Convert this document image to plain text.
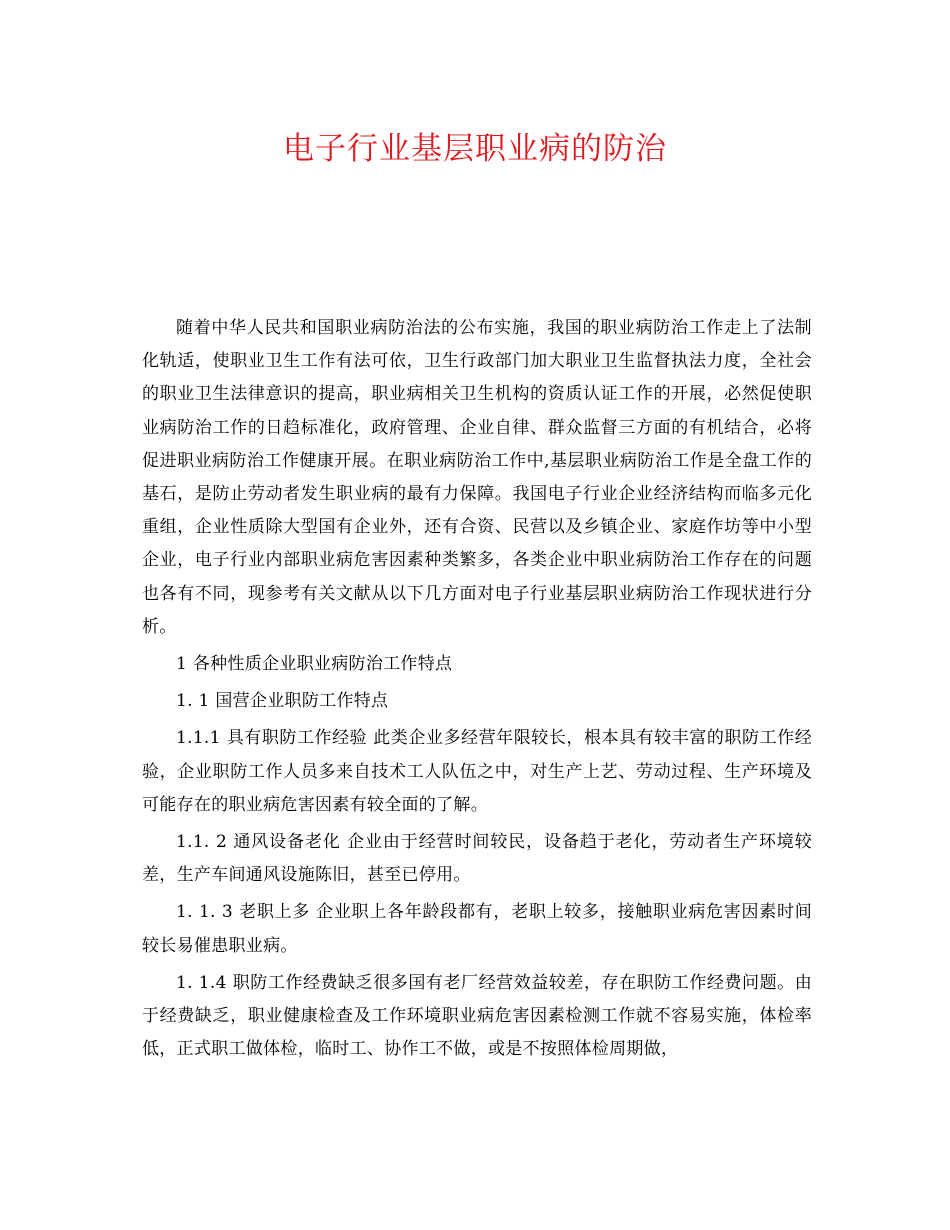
电子行业基层职业病的防治

随着中华人民共和国职业病防治法的公布实施，我国的职业病防治工作走上了法制化轨适，使职业卫生工作有法可依，卫生行政部门加大职业卫生监督执法力度，全社会的职业卫生法律意识的提高，职业病相关卫生机构的资质认证工作的开展，必然促使职业病防治工作的日趋标准化，政府管理、企业自律、群众监督三方面的有机结合，必将促进职业病防治工作健康开展。在职业病防治工作中,基层职业病防治工作是全盘工作的基石，是防止劳动者发生职业病的最有力保障。我国电子行业企业经济结构而临多元化重组，企业性质除大型国有企业外，还有合资、民营以及乡镇企业、家庭作坊等中小型企业，电子行业内部职业病危害因素种类繁多，各类企业中职业病防治工作存在的问题也各有不同，现参考有关文献从以下几方面对电子行业基层职业病防治工作现状进行分析。

1 各种性质企业职业病防治工作特点

1. 1 国营企业职防工作特点

1.1.1 具有职防工作经验 此类企业多经营年限较长，根本具有较丰富的职防工作经验，企业职防工作人员多来自技术工人队伍之中，对生产上艺、劳动过程、生产环境及可能存在的职业病危害因素有较全面的了解。

1.1. 2 通风设备老化 企业由于经营时间较民，设备趋于老化，劳动者生产环境较差，生产车间通风设施陈旧，甚至已停用。

1. 1. 3 老职上多 企业职上各年龄段都有，老职上较多，接触职业病危害因素时间较长易催患职业病。

1. 1.4 职防工作经费缺乏很多国有老厂经营效益较差，存在职防工作经费问题。由于经费缺乏，职业健康检查及工作环境职业病危害因素检测工作就不容易实施，体检率低，正式职工做体检，临时工、协作工不做，或是不按照体检周期做，
